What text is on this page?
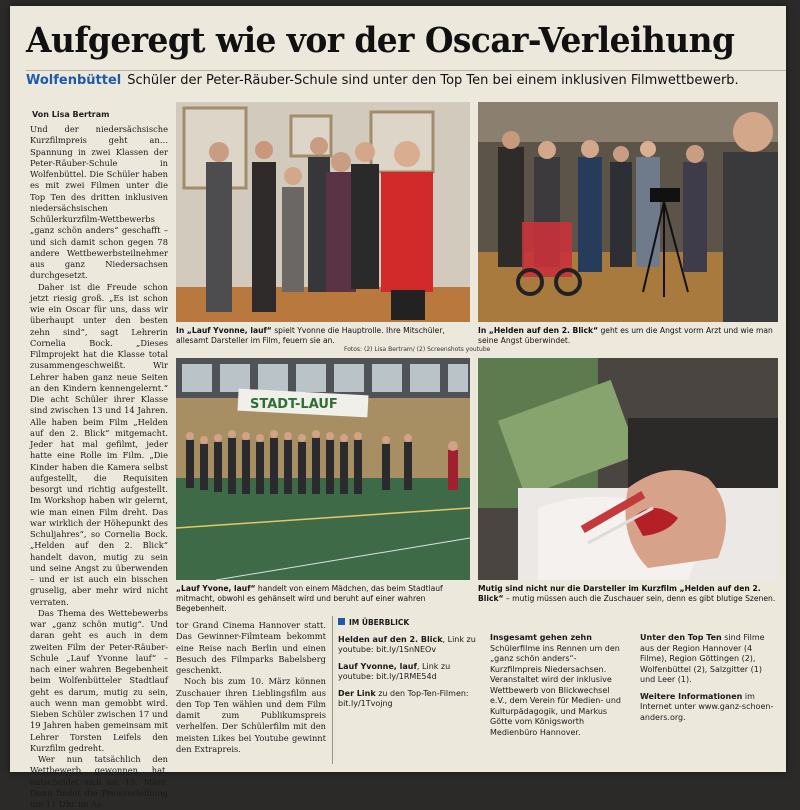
Aufgeregt wie vor der Oscar-Verleihung
Wolfenbüttel Schüler der Peter-Räuber-Schule sind unter den Top Ten bei einem inklusiven Filmwettbewerb.
Von Lisa Bertram

Und der niedersächsische Kurzfilmpreis geht an… Spannung in zwei Klassen der Peter-Räuber-Schule in Wolfenbüttel. Die Schüler haben es mit zwei Filmen unter die Top Ten des dritten inklusiven niedersächsischen Schülerkurzfilm-Wettbewerbs „ganz schön anders“ geschafft – und sich damit schon gegen 78 andere Wettbewerbsteilnehmer aus ganz Niedersachsen durchgesetzt.

Daher ist die Freude schon jetzt riesig groß. „Es ist schon wie ein Oscar für uns, dass wir überhaupt unter den besten zehn sind“, sagt Lehrerin Cornelia Bock. „Dieses Filmprojekt hat die Klasse total zusammengeschweißt. Wir Lehrer haben ganz neue Seiten an den Kindern kennengelernt.“ Die acht Schüler ihrer Klasse sind zwischen 13 und 14 Jahren. Alle haben beim Film „Helden auf den 2. Blick“ mitgemacht. Jeder hat mal gefilmt, jeder hatte eine Rolle im Film. „Die Kinder haben die Kamera selbst aufgestellt, die Requisiten besorgt und richtig aufgestellt. Im Workshop haben wir gelernt, wie man einen Film dreht. Das war wirklich der Höhepunkt des Schuljahres“, so Cornelia Bock. „Helden auf den 2. Blick“ handelt davon, mutig zu sein und seine Angst zu überwenden – und er ist auch ein bisschen gruselig, aber mehr wird nicht verraten.

Das Thema des Wettebewerbs war „ganz schön mutig“. Und daran geht es auch in dem zweiten Film der Peter-Räuber-Schule „Lauf Yvonne lauf“ – nach einer wahren Begebenheit beim Wolfenbütteler Stadtlauf geht es darum, mutig zu sein, auch wenn man gemobbt wird. Sieben Schüler zwischen 17 und 19 Jahren haben gemeinsam mit Lehrer Torsten Leifels den Kurzfilm gedreht.

Wer nun tatsächlich den Wettbewerb gewonnen hat, entscheidet sich am 15. März. Dann findet die Preisverleihung um 11 Uhr im As-

In „Lauf Yvonne, lauf“ spielt Yvonne die Hauptrolle. Ihre Mitschüler, allesamt Darsteller im Film, feuern sie an.
Fotos: (2) Lisa Bertram/ (2) Screenshots youtube
In „Helden auf den 2. Blick“ geht es um die Angst vorm Arzt und wie man seine Angst überwindet.
STADT-LAUF
„Lauf Yvone, lauf“ handelt von einem Mädchen, das beim Stadtlauf mitmacht, obwohl es gehänselt wird und beruht auf einer wahren Begebenheit.
Mutig sind nicht nur die Darsteller im Kurzfilm „Helden auf den 2. Blick“ – mutig müssen auch die Zuschauer sein, denn es gibt blutige Szenen.

tor Grand Cinema Hannover statt. Das Gewinner-Filmteam bekommt eine Reise nach Berlin und einen Besuch des Filmparks Babelsberg geschenkt.

Noch bis zum 10. März können Zuschauer ihren Lieblingsfilm aus den Top Ten wählen und dem Film damit zum Publikumspreis verhelfen. Der Schülerfilm mit den meisten Likes bei Youtube gewinnt den Extrapreis.

IM ÜBERBLICK

Helden auf den 2. Blick, Link zu youtube: bit.ly/1SnNEOv

Lauf Yvonne, lauf, Link zu youtube: bit.ly/1RME54d

Der Link zu den Top-Ten-Filmen: bit.ly/1Tvojng

Insgesamt gehen zehn Schülerfilme ins Rennen um den „ganz schön anders“-Kurzfilmpreis Niedersachsen. Veranstaltet wird der inklusive Wettbewerb von Blickwechsel e.V., dem Verein für Medien- und Kulturpädagogik, und Markus Götte vom Königsworth Medienbüro Hannover.

Unter den Top Ten sind Filme aus der Region Hannover (4 Filme), Region Göttingen (2), Wolfenbüttel (2), Salzgitter (1) und Leer (1).

Weitere Informationen im Internet unter www.ganz-schoen-anders.org.
